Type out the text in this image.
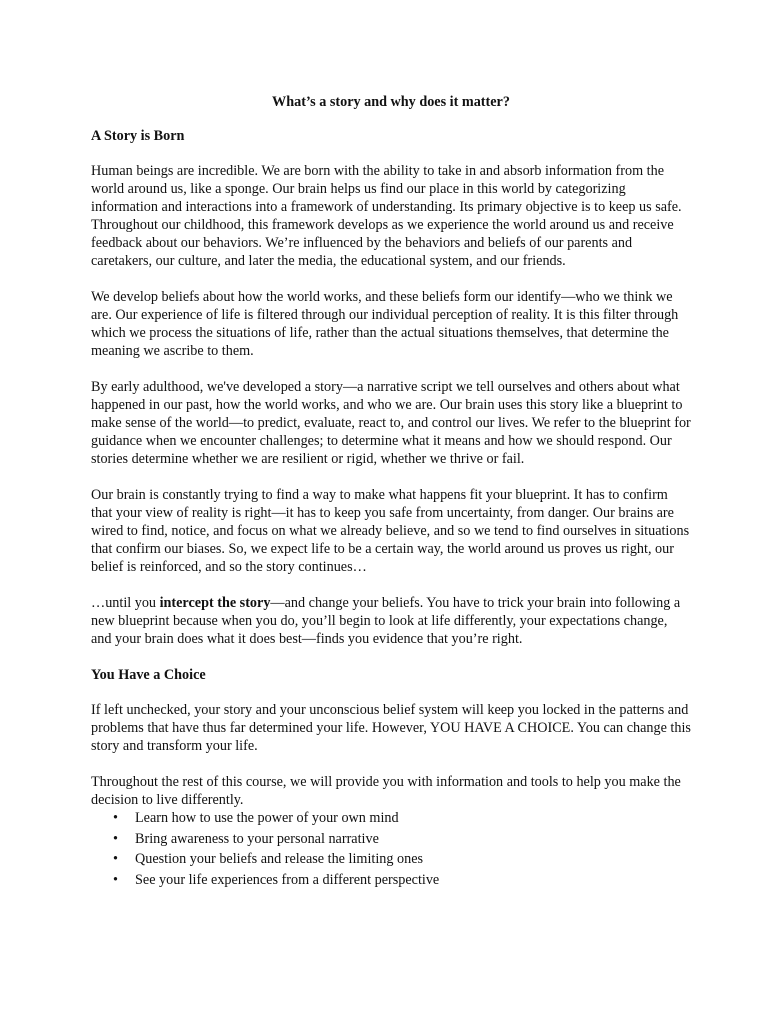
What’s a story and why does it matter?
A Story is Born

Human beings are incredible. We are born with the ability to take in and absorb information from the world around us, like a sponge. Our brain helps us find our place in this world by categorizing information and interactions into a framework of understanding. Its primary objective is to keep us safe. Throughout our childhood, this framework develops as we experience the world around us and receive feedback about our behaviors. We’re influenced by the behaviors and beliefs of our parents and caretakers, our culture, and later the media, the educational system, and our friends.

We develop beliefs about how the world works, and these beliefs form our identify—who we think we are. Our experience of life is filtered through our individual perception of reality. It is this filter through which we process the situations of life, rather than the actual situations themselves, that determine the meaning we ascribe to them.

By early adulthood, we've developed a story—a narrative script we tell ourselves and others about what happened in our past, how the world works, and who we are. Our brain uses this story like a blueprint to make sense of the world—to predict, evaluate, react to, and control our lives. We refer to the blueprint for guidance when we encounter challenges; to determine what it means and how we should respond. Our stories determine whether we are resilient or rigid, whether we thrive or fail.

Our brain is constantly trying to find a way to make what happens fit your blueprint. It has to confirm that your view of reality is right—it has to keep you safe from uncertainty, from danger. Our brains are wired to find, notice, and focus on what we already believe, and so we tend to find ourselves in situations that confirm our biases. So, we expect life to be a certain way, the world around us proves us right, our belief is reinforced, and so the story continues…

…until you intercept the story—and change your beliefs. You have to trick your brain into following a new blueprint because when you do, you’ll begin to look at life differently, your expectations change, and your brain does what it does best—finds you evidence that you’re right.

You Have a Choice

If left unchecked, your story and your unconscious belief system will keep you locked in the patterns and problems that have thus far determined your life. However, YOU HAVE A CHOICE. You can change this story and transform your life.

Throughout the rest of this course, we will provide you with information and tools to help you make the decision to live differently.

• Learn how to use the power of your own mind
• Bring awareness to your personal narrative
• Question your beliefs and release the limiting ones
• See your life experiences from a different perspective
